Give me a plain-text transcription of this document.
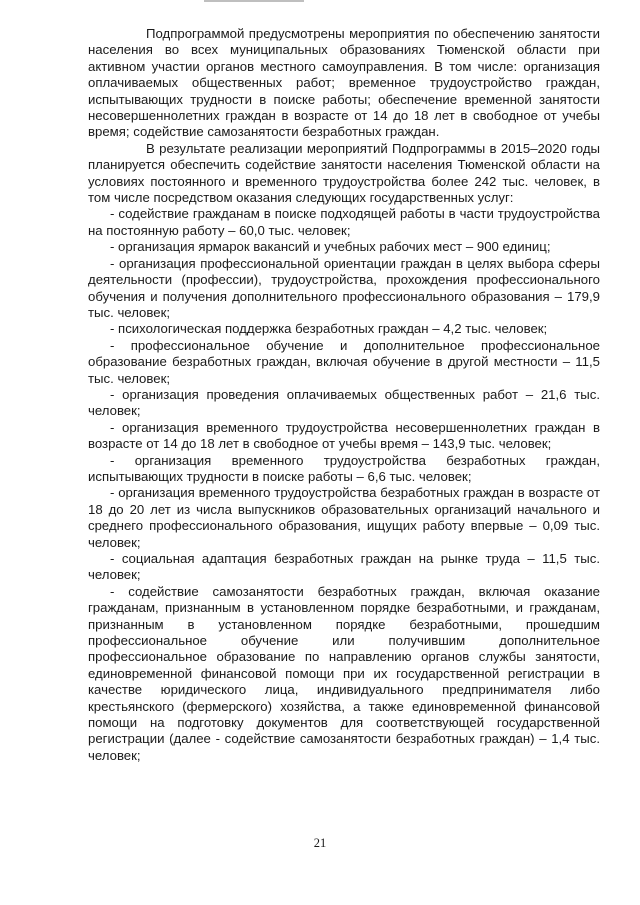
Подпрограммой предусмотрены мероприятия по обеспечению занятости населения во всех муниципальных образованиях Тюменской области при активном участии органов местного самоуправления. В том числе: организация оплачиваемых общественных работ; временное трудоустройство граждан, испытывающих трудности в поиске работы; обеспечение временной занятости несовершеннолетних граждан в возрасте от 14 до 18 лет в свободное от учебы время; содействие самозанятости безработных граждан.

В результате реализации мероприятий Подпрограммы в 2015–2020 годы планируется обеспечить содействие занятости населения Тюменской области на условиях постоянного и временного трудоустройства более 242 тыс. человек, в том числе посредством оказания следующих государственных услуг:

- содействие гражданам в поиске подходящей работы в части трудоустройства на постоянную работу – 60,0 тыс. человек;

- организация ярмарок вакансий и учебных рабочих мест – 900 единиц;

- организация профессиональной ориентации граждан в целях выбора сферы деятельности (профессии), трудоустройства, прохождения профессионального обучения и получения дополнительного профессионального образования – 179,9 тыс. человек;

- психологическая поддержка безработных граждан – 4,2 тыс. человек;

- профессиональное обучение и дополнительное профессиональное образование безработных граждан, включая обучение в другой местности – 11,5 тыс. человек;

- организация проведения оплачиваемых общественных работ – 21,6 тыс. человек;

- организация временного трудоустройства несовершеннолетних граждан в возрасте от 14 до 18 лет в свободное от учебы время – 143,9 тыс. человек;

- организация временного трудоустройства безработных граждан, испытывающих трудности в поиске работы – 6,6 тыс. человек;

- организация временного трудоустройства безработных граждан в возрасте от 18 до 20 лет из числа выпускников образовательных организаций начального и среднего профессионального образования, ищущих работу впервые – 0,09 тыс. человек;

- социальная адаптация безработных граждан на рынке труда – 11,5 тыс. человек;

- содействие самозанятости безработных граждан, включая оказание гражданам, признанным в установленном порядке безработными, и гражданам, признанным в установленном порядке безработными, прошедшим профессиональное обучение или получившим дополнительное профессиональное образование по направлению органов службы занятости, единовременной финансовой помощи при их государственной регистрации в качестве юридического лица, индивидуального предпринимателя либо крестьянского (фермерского) хозяйства, а также единовременной финансовой помощи на подготовку документов для соответствующей государственной регистрации (далее - содействие самозанятости безработных граждан) – 1,4 тыс. человек;

21
